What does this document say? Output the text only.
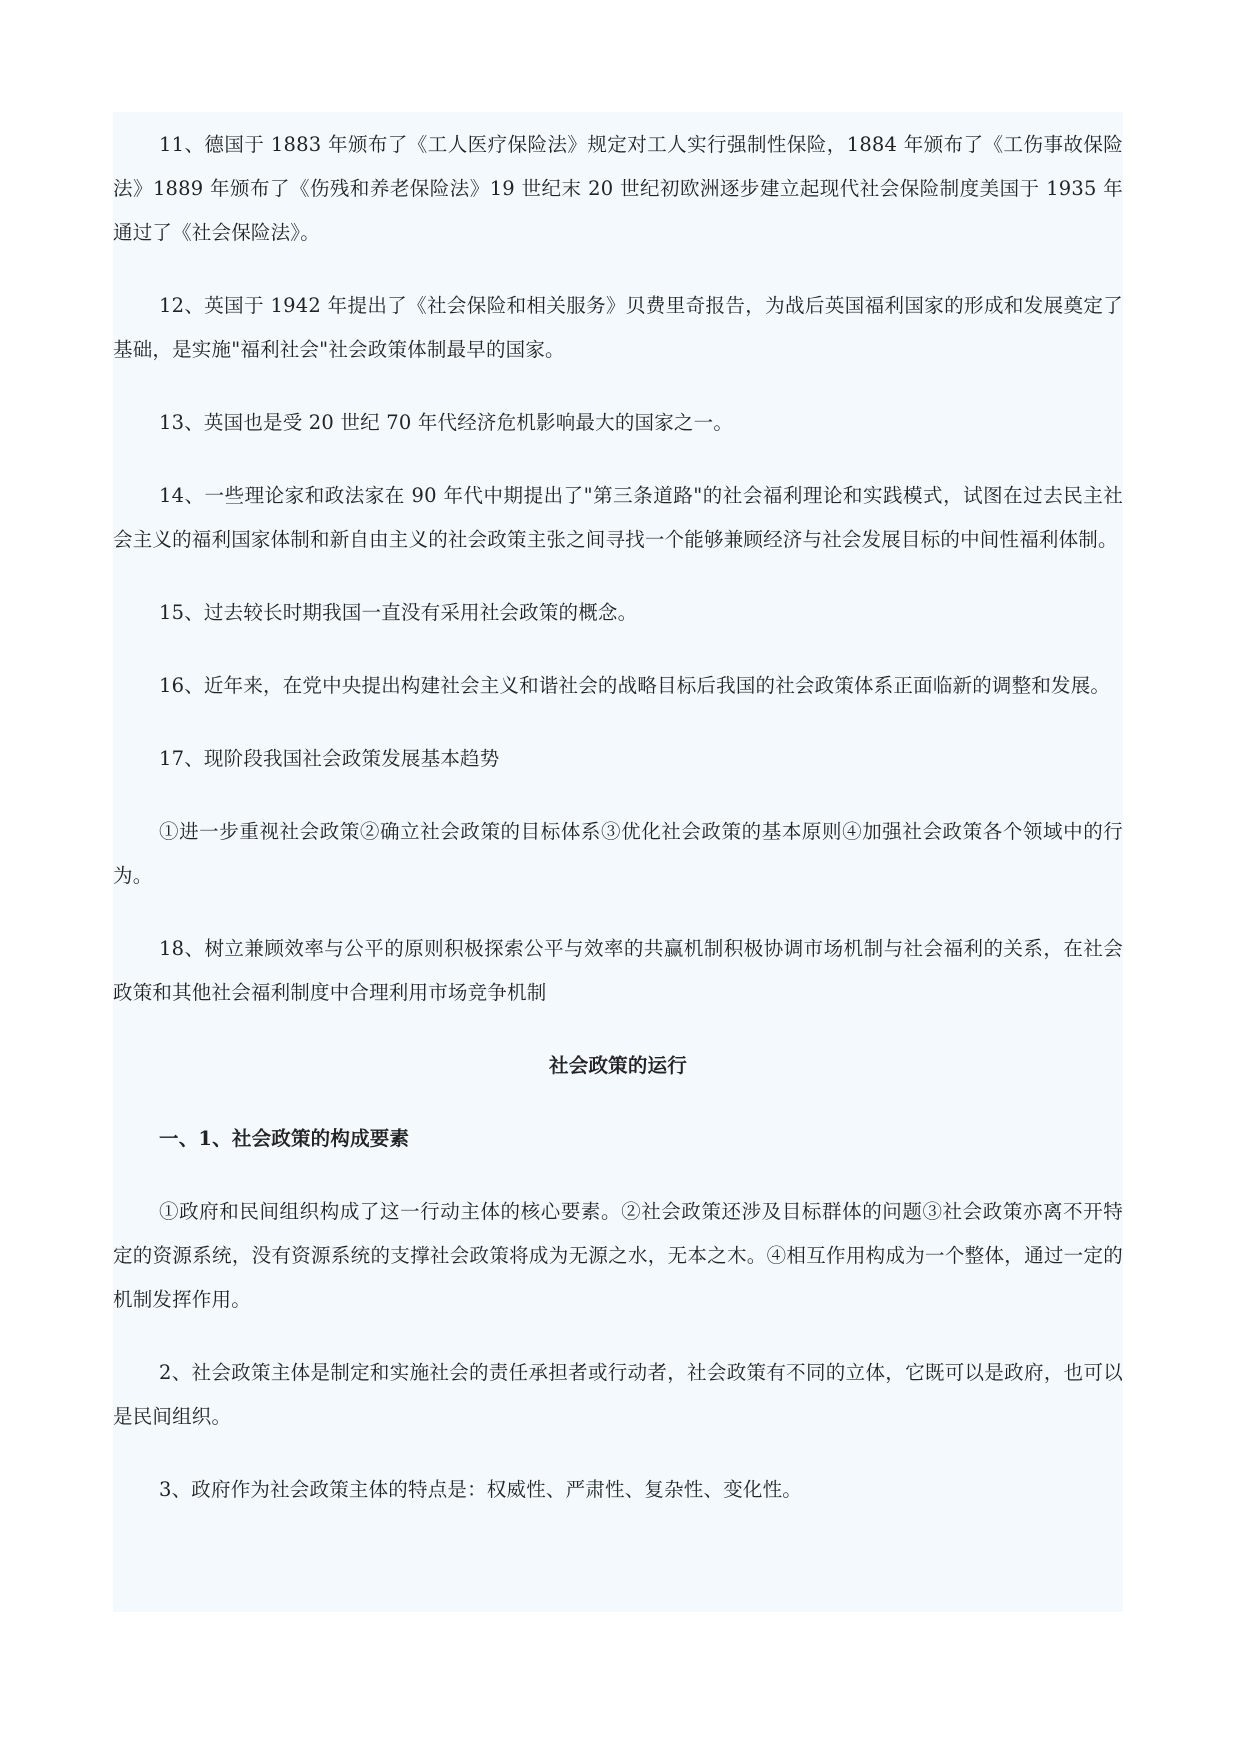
11、德国于 1883 年颁布了《工人医疗保险法》规定对工人实行强制性保险，1884 年颁布了《工伤事故保险法》1889 年颁布了《伤残和养老保险法》19 世纪末 20 世纪初欧洲逐步建立起现代社会保险制度美国于 1935 年通过了《社会保险法》。

12、英国于 1942 年提出了《社会保险和相关服务》贝费里奇报告，为战后英国福利国家的形成和发展奠定了基础，是实施"福利社会"社会政策体制最早的国家。

13、英国也是受 20 世纪 70 年代经济危机影响最大的国家之一。

14、一些理论家和政法家在 90 年代中期提出了"第三条道路"的社会福利理论和实践模式，试图在过去民主社会主义的福利国家体制和新自由主义的社会政策主张之间寻找一个能够兼顾经济与社会发展目标的中间性福利体制。

15、过去较长时期我国一直没有采用社会政策的概念。

16、近年来，在党中央提出构建社会主义和谐社会的战略目标后我国的社会政策体系正面临新的调整和发展。

17、现阶段我国社会政策发展基本趋势

①进一步重视社会政策②确立社会政策的目标体系③优化社会政策的基本原则④加强社会政策各个领域中的行为。

18、树立兼顾效率与公平的原则积极探索公平与效率的共赢机制积极协调市场机制与社会福利的关系，在社会政策和其他社会福利制度中合理利用市场竞争机制

社会政策的运行

一、1、社会政策的构成要素

①政府和民间组织构成了这一行动主体的核心要素。②社会政策还涉及目标群体的问题③社会政策亦离不开特定的资源系统，没有资源系统的支撑社会政策将成为无源之水，无本之木。④相互作用构成为一个整体，通过一定的机制发挥作用。

2、社会政策主体是制定和实施社会的责任承担者或行动者，社会政策有不同的立体，它既可以是政府，也可以是民间组织。

3、政府作为社会政策主体的特点是：权威性、严肃性、复杂性、变化性。
